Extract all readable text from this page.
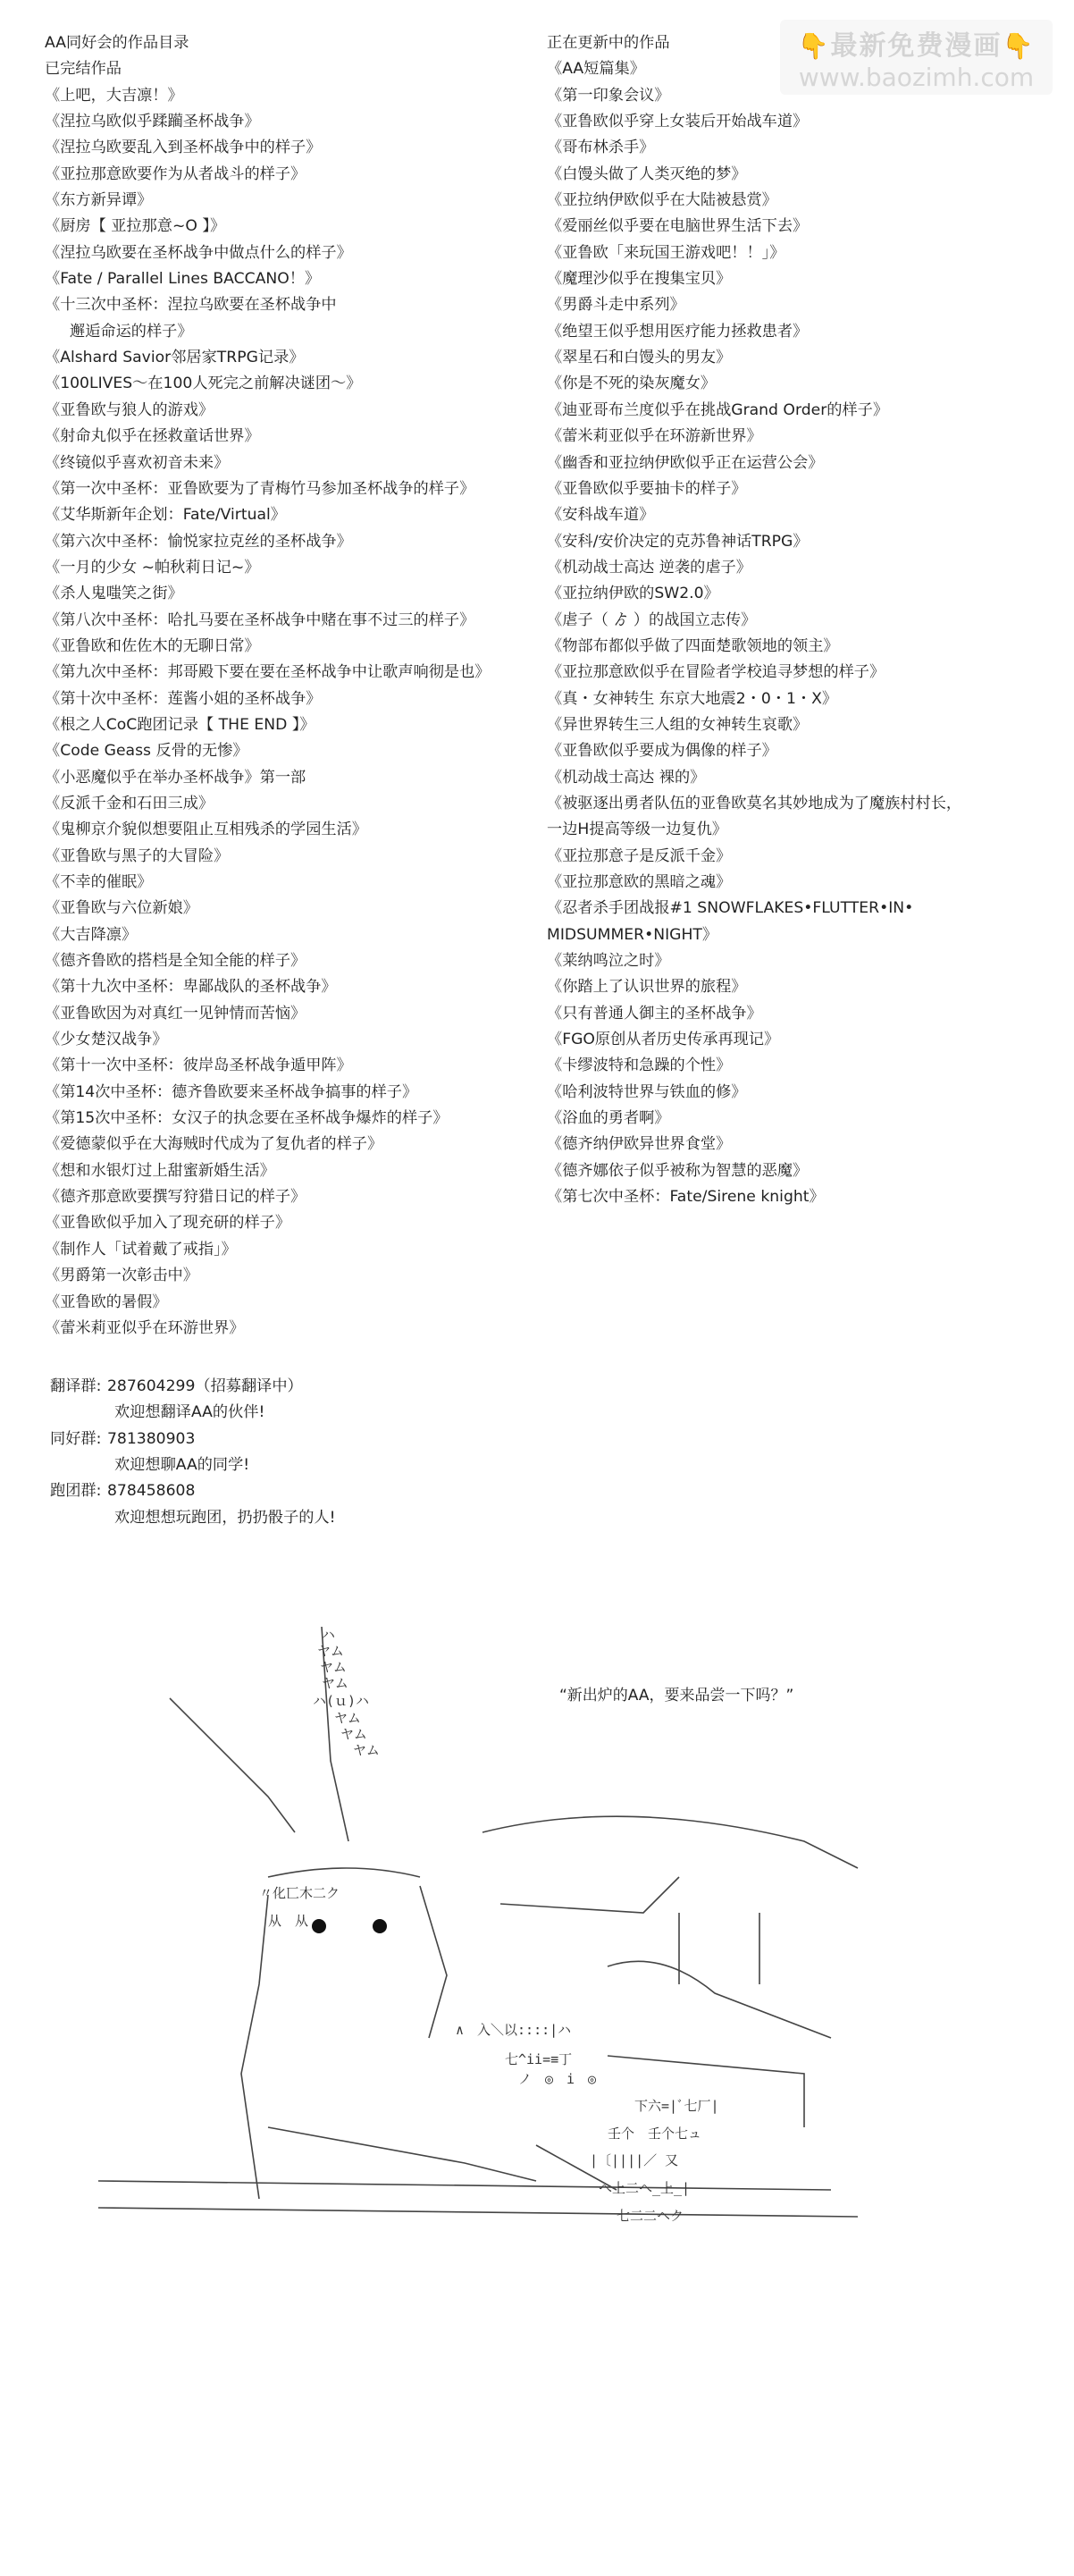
👇最新免费漫画👇
www.baozimh.com
AA同好会的作品目录
已完结作品
《上吧，大吉凛！》
《涅拉乌欧似乎蹂躏圣杯战争》
《涅拉乌欧要乱入到圣杯战争中的样子》
《亚拉那意欧要作为从者战斗的样子》
《东方新异谭》
《厨房【 亚拉那意~O 】》
《涅拉乌欧要在圣杯战争中做点什么的样子》
《Fate / Parallel Lines BACCANO！》
《十三次中圣杯：涅拉乌欧要在圣杯战争中
邂逅命运的样子》
《Alshard Savior邻居家TRPG记录》
《100LIVES～在100人死完之前解决谜团～》
《亚鲁欧与狼人的游戏》
《射命丸似乎在拯救童话世界》
《终镜似乎喜欢初音未来》
《第一次中圣杯：亚鲁欧要为了青梅竹马参加圣杯战争的样子》
《艾华斯新年企划：Fate/Virtual》
《第六次中圣杯：愉悦家拉克丝的圣杯战争》
《一月的少女 ~帕秋莉日记~》
《杀人鬼嗤笑之街》
《第八次中圣杯：哈扎马要在圣杯战争中赌在事不过三的样子》
《亚鲁欧和佐佐木的无聊日常》
《第九次中圣杯：邦哥殿下要在要在圣杯战争中让歌声响彻是也》
《第十次中圣杯：莲酱小姐的圣杯战争》
《根之人CoC跑团记录【 THE END 】》
《Code Geass 反骨的无惨》
《小恶魔似乎在举办圣杯战争》第一部
《反派千金和石田三成》
《鬼柳京介貌似想要阻止互相残杀的学园生活》
《亚鲁欧与黑子的大冒险》
《不幸的催眠》
《亚鲁欧与六位新娘》
《大吉降凛》
《德齐鲁欧的搭档是全知全能的样子》
《第十九次中圣杯：卑鄙战队的圣杯战争》
《亚鲁欧因为对真红一见钟情而苦恼》
《少女楚汉战争》
《第十一次中圣杯：彼岸岛圣杯战争遁甲阵》
《第14次中圣杯：德齐鲁欧要来圣杯战争搞事的样子》
《第15次中圣杯：女汉子的执念要在圣杯战争爆炸的样子》
《爱德蒙似乎在大海贼时代成为了复仇者的样子》
《想和水银灯过上甜蜜新婚生活》
《德齐那意欧要撰写狩猎日记的样子》
《亚鲁欧似乎加入了现充研的样子》
《制作人「试着戴了戒指」》
《男爵第一次彰击中》
《亚鲁欧的暑假》
《蕾米莉亚似乎在环游世界》
正在更新中的作品
《AA短篇集》
《第一印象会议》
《亚鲁欧似乎穿上女装后开始战车道》
《哥布林杀手》
《白馒头做了人类灭绝的梦》
《亚拉纳伊欧似乎在大陆被悬赏》
《爱丽丝似乎要在电脑世界生活下去》
《亚鲁欧「来玩国王游戏吧！！」》
《魔理沙似乎在搜集宝贝》
《男爵斗走中系列》
《绝望王似乎想用医疗能力拯救患者》
《翠星石和白馒头的男友》
《你是不死的染灰魔女》
《迪亚哥布兰度似乎在挑战Grand Order的样子》
《蕾米莉亚似乎在环游新世界》
《幽香和亚拉纳伊欧似乎正在运营公会》
《亚鲁欧似乎要抽卡的样子》
《安科战车道》
《安科/安价决定的克苏鲁神话TRPG》
《机动战士高达 逆袭的虐子》
《亚拉纳伊欧的SW2.0》
《虐子（ ゟ ）的战国立志传》
《物部布都似乎做了四面楚歌领地的领主》
《亚拉那意欧似乎在冒险者学校追寻梦想的样子》
《真・女神转生 东京大地震2・0・1・X》
《异世界转生三人组的女神转生哀歌》
《亚鲁欧似乎要成为偶像的样子》
《机动战士高达 裸的》
《被驱逐出勇者队伍的亚鲁欧莫名其妙地成为了魔族村村长，
一边H提高等级一边复仇》
《亚拉那意子是反派千金》
《亚拉那意欧的黑暗之魂》
《忍者杀手团战报#1 SNOWFLAKES•FLUTTER•IN•
MIDSUMMER•NIGHT》
《莱纳鸣泣之时》
《你踏上了认识世界的旅程》
《只有普通人御主的圣杯战争》
《FGO原创从者历史传承再现记》
《卡缪波特和急躁的个性》
《哈利波特世界与铁血的修》
《浴血的勇者啊》
《德齐纳伊欧异世界食堂》
《德齐娜依子似乎被称为智慧的恶魔》
《第七次中圣杯：Fate/Sirene knight》
翻译群: 287604299（招募翻译中）
欢迎想翻译AA的伙伴!
同好群: 781380903
欢迎想聊AA的同学!
跑团群: 878458608
欢迎想想玩跑团，扔扔骰子的人!
“新出炉的AA，要来品尝一下吗？”
ハ
ヤム
ヤム
ヤム
ハ(ｕ)ハ
ヤム
ヤム
ヤム
〃化匸木二ク
从　从
∧　入＼以::::|ハ
七^ii=≡丁
ノ　◎　i　◎
下六=|ﾞ七厂|
壬个　壬个七ュ
|〔||||／ 又
へ上二へ_上_|
七二二ヘク
